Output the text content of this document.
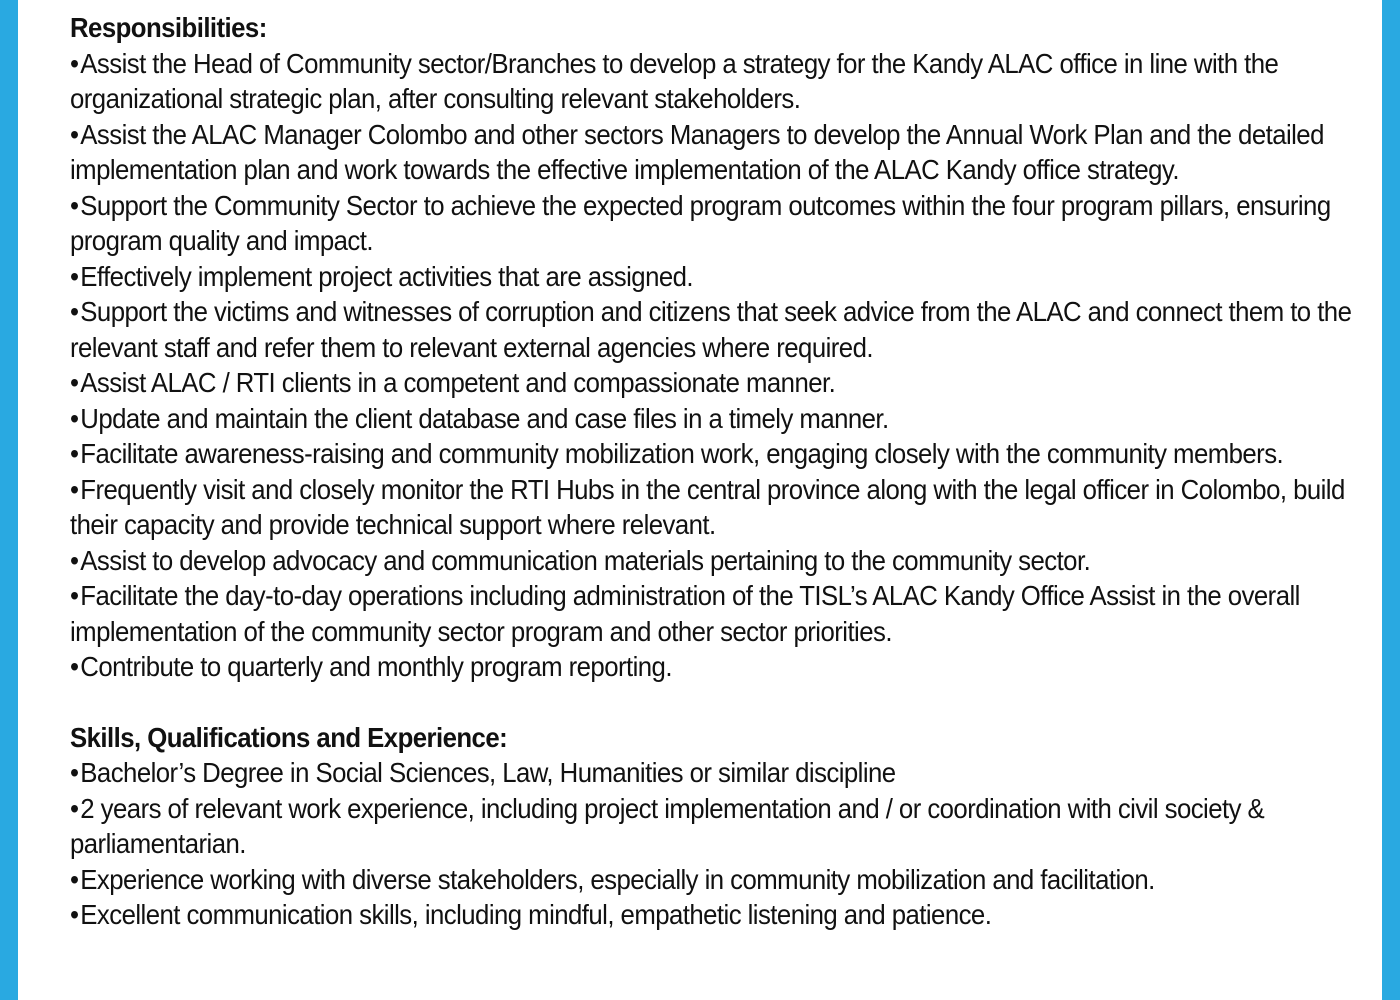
Responsibilities:
•Assist the Head of Community sector/Branches to develop a strategy for the Kandy ALAC office in line with the organizational strategic plan, after consulting relevant stakeholders.
•Assist the ALAC Manager Colombo and other sectors Managers to develop the Annual Work Plan and the detailed implementation plan and work towards the effective implementation of the ALAC Kandy office strategy.
•Support the Community Sector to achieve the expected program outcomes within the four program pillars, ensuring program quality and impact.
•Effectively implement project activities that are assigned.
•Support the victims and witnesses of corruption and citizens that seek advice from the ALAC and connect them to the relevant staff and refer them to relevant external agencies where required.
•Assist ALAC / RTI clients in a competent and compassionate manner.
•Update and maintain the client database and case files in a timely manner.
•Facilitate awareness-raising and community mobilization work, engaging closely with the community members.
•Frequently visit and closely monitor the RTI Hubs in the central province along with the legal officer in Colombo, build their capacity and provide technical support where relevant.
•Assist to develop advocacy and communication materials pertaining to the community sector.
•Facilitate the day-to-day operations including administration of the TISL’s ALAC Kandy Office Assist in the overall implementation of the community sector program and other sector priorities.
•Contribute to quarterly and monthly program reporting.
Skills, Qualifications and Experience:
•Bachelor’s Degree in Social Sciences, Law, Humanities or similar discipline
•2 years of relevant work experience, including project implementation and / or coordination with civil society & parliamentarian.
•Experience working with diverse stakeholders, especially in community mobilization and facilitation.
•Excellent communication skills, including mindful, empathetic listening and patience.
